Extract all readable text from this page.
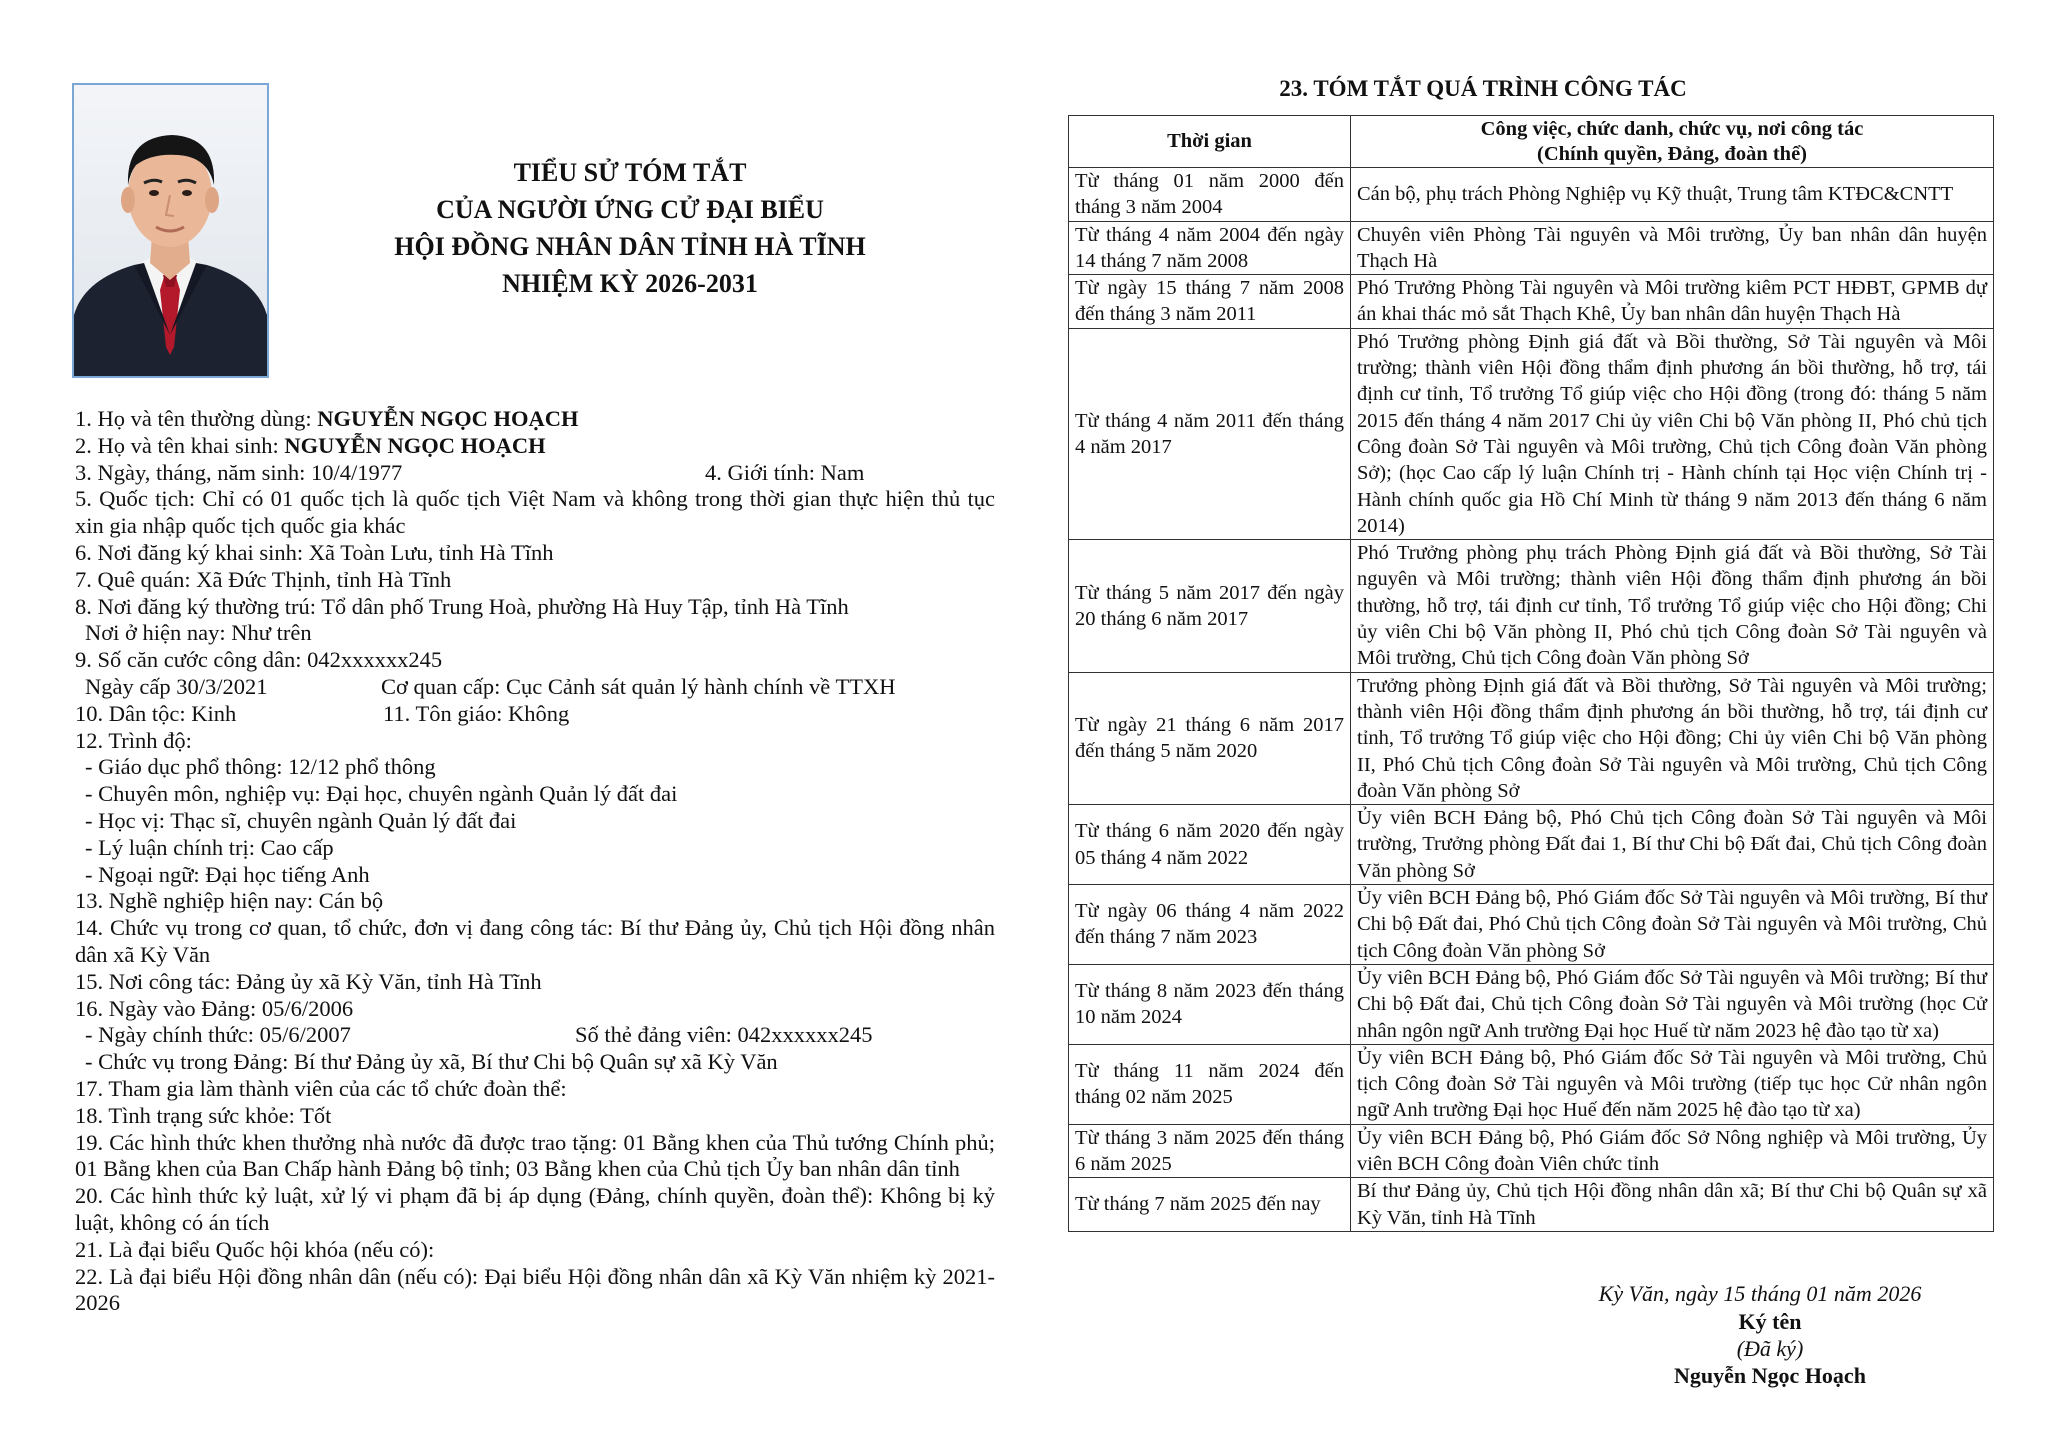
TIỂU SỬ TÓM TẮT
CỦA NGƯỜI ỨNG CỬ ĐẠI BIỂU
HỘI ĐỒNG NHÂN DÂN TỈNH HÀ TĨNH
NHIỆM KỲ 2026-2031
1. Họ và tên thường dùng: NGUYỄN NGỌC HOẠCH
2. Họ và tên khai sinh: NGUYỄN NGỌC HOẠCH
3. Ngày, tháng, năm sinh: 10/4/1977	4. Giới tính: Nam
5. Quốc tịch: Chỉ có 01 quốc tịch là quốc tịch Việt Nam và không trong thời gian thực hiện thủ tục xin gia nhập quốc tịch quốc gia khác
6. Nơi đăng ký khai sinh: Xã Toàn Lưu, tỉnh Hà Tĩnh
7. Quê quán: Xã Đức Thịnh, tỉnh Hà Tĩnh
8. Nơi đăng ký thường trú: Tổ dân phố Trung Hoà, phường Hà Huy Tập, tỉnh Hà Tĩnh
Nơi ở hiện nay: Như trên
9. Số căn cước công dân: 042xxxxxx245
Ngày cấp 30/3/2021	Cơ quan cấp: Cục Cảnh sát quản lý hành chính về TTXH
10. Dân tộc: Kinh	11. Tôn giáo: Không
12. Trình độ:
- Giáo dục phổ thông: 12/12 phổ thông
- Chuyên môn, nghiệp vụ: Đại học, chuyên ngành Quản lý đất đai
- Học vị: Thạc sĩ, chuyên ngành Quản lý đất đai
- Lý luận chính trị: Cao cấp
- Ngoại ngữ: Đại học tiếng Anh
13. Nghề nghiệp hiện nay: Cán bộ
14. Chức vụ trong cơ quan, tổ chức, đơn vị đang công tác: Bí thư Đảng ủy, Chủ tịch Hội đồng nhân dân xã Kỳ Văn
15. Nơi công tác: Đảng ủy xã Kỳ Văn, tỉnh Hà Tĩnh
16. Ngày vào Đảng: 05/6/2006
- Ngày chính thức: 05/6/2007	Số thẻ đảng viên: 042xxxxxx245
- Chức vụ trong Đảng: Bí thư Đảng ủy xã, Bí thư Chi bộ Quân sự xã Kỳ Văn
17. Tham gia làm thành viên của các tổ chức đoàn thể:
18. Tình trạng sức khỏe: Tốt
19. Các hình thức khen thưởng nhà nước đã được trao tặng: 01 Bằng khen của Thủ tướng Chính phủ; 01 Bằng khen của Ban Chấp hành Đảng bộ tỉnh; 03 Bằng khen của Chủ tịch Ủy ban nhân dân tỉnh
20. Các hình thức kỷ luật, xử lý vi phạm đã bị áp dụng (Đảng, chính quyền, đoàn thể): Không bị kỷ luật, không có án tích
21. Là đại biểu Quốc hội khóa (nếu có):
22. Là đại biểu Hội đồng nhân dân (nếu có): Đại biểu Hội đồng nhân dân xã Kỳ Văn nhiệm kỳ 2021-2026
23. TÓM TẮT QUÁ TRÌNH CÔNG TÁC
Thời gian	Công việc, chức danh, chức vụ, nơi công tác
(Chính quyền, Đảng, đoàn thể)

Từ tháng 01 năm 2000 đến tháng 3 năm 2004	Cán bộ, phụ trách Phòng Nghiệp vụ Kỹ thuật, Trung tâm KTĐC&CNTT
Từ tháng 4 năm 2004 đến ngày 14 tháng 7 năm 2008	Chuyên viên Phòng Tài nguyên và Môi trường, Ủy ban nhân dân huyện Thạch Hà
Từ ngày 15 tháng 7 năm 2008 đến tháng 3 năm 2011	Phó Trưởng Phòng Tài nguyên và Môi trường kiêm PCT HĐBT, GPMB dự án khai thác mỏ sắt Thạch Khê, Ủy ban nhân dân huyện Thạch Hà
Từ tháng 4 năm 2011 đến tháng 4 năm 2017	Phó Trưởng phòng Định giá đất và Bồi thường, Sở Tài nguyên và Môi trường; thành viên Hội đồng thẩm định phương án bồi thường, hỗ trợ, tái định cư tỉnh, Tổ trưởng Tổ giúp việc cho Hội đồng (trong đó: tháng 5 năm 2015 đến tháng 4 năm 2017 Chi ủy viên Chi bộ Văn phòng II, Phó chủ tịch Công đoàn Sở Tài nguyên và Môi trường, Chủ tịch Công đoàn Văn phòng Sở); (học Cao cấp lý luận Chính trị - Hành chính tại Học viện Chính trị - Hành chính quốc gia Hồ Chí Minh từ tháng 9 năm 2013 đến tháng 6 năm 2014)
Từ tháng 5 năm 2017 đến ngày 20 tháng 6 năm 2017	Phó Trưởng phòng phụ trách Phòng Định giá đất và Bồi thường, Sở Tài nguyên và Môi trường; thành viên Hội đồng thẩm định phương án bồi thường, hỗ trợ, tái định cư tỉnh, Tổ trưởng Tổ giúp việc cho Hội đồng; Chi ủy viên Chi bộ Văn phòng II, Phó chủ tịch Công đoàn Sở Tài nguyên và Môi trường, Chủ tịch Công đoàn Văn phòng Sở
Từ ngày 21 tháng 6 năm 2017 đến tháng 5 năm 2020	Trưởng phòng Định giá đất và Bồi thường, Sở Tài nguyên và Môi trường; thành viên Hội đồng thẩm định phương án bồi thường, hỗ trợ, tái định cư tỉnh, Tổ trưởng Tổ giúp việc cho Hội đồng; Chi ủy viên Chi bộ Văn phòng II, Phó Chủ tịch Công đoàn Sở Tài nguyên và Môi trường, Chủ tịch Công đoàn Văn phòng Sở
Từ tháng 6 năm 2020 đến ngày 05 tháng 4 năm 2022	Ủy viên BCH Đảng bộ, Phó Chủ tịch Công đoàn Sở Tài nguyên và Môi trường, Trưởng phòng Đất đai 1, Bí thư Chi bộ Đất đai, Chủ tịch Công đoàn Văn phòng Sở
Từ ngày 06 tháng 4 năm 2022 đến tháng 7 năm 2023	Ủy viên BCH Đảng bộ, Phó Giám đốc Sở Tài nguyên và Môi trường, Bí thư Chi bộ Đất đai, Phó Chủ tịch Công đoàn Sở Tài nguyên và Môi trường, Chủ tịch Công đoàn Văn phòng Sở
Từ tháng 8 năm 2023 đến tháng 10 năm 2024	Ủy viên BCH Đảng bộ, Phó Giám đốc Sở Tài nguyên và Môi trường; Bí thư Chi bộ Đất đai, Chủ tịch Công đoàn Sở Tài nguyên và Môi trường (học Cử nhân ngôn ngữ Anh trường Đại học Huế từ năm 2023 hệ đào tạo từ xa)
Từ tháng 11 năm 2024 đến tháng 02 năm 2025	Ủy viên BCH Đảng bộ, Phó Giám đốc Sở Tài nguyên và Môi trường, Chủ tịch Công đoàn Sở Tài nguyên và Môi trường (tiếp tục học Cử nhân ngôn ngữ Anh trường Đại học Huế đến năm 2025 hệ đào tạo từ xa)
Từ tháng 3 năm 2025 đến tháng 6 năm 2025	Ủy viên BCH Đảng bộ, Phó Giám đốc Sở Nông nghiệp và Môi trường, Ủy viên BCH Công đoàn Viên chức tỉnh
Từ tháng 7 năm 2025 đến nay	Bí thư Đảng ủy, Chủ tịch Hội đồng nhân dân xã; Bí thư Chi bộ Quân sự xã Kỳ Văn, tỉnh Hà Tĩnh
Kỳ Văn, ngày 15 tháng 01 năm 2026
Ký tên
(Đã ký)
Nguyễn Ngọc Hoạch
